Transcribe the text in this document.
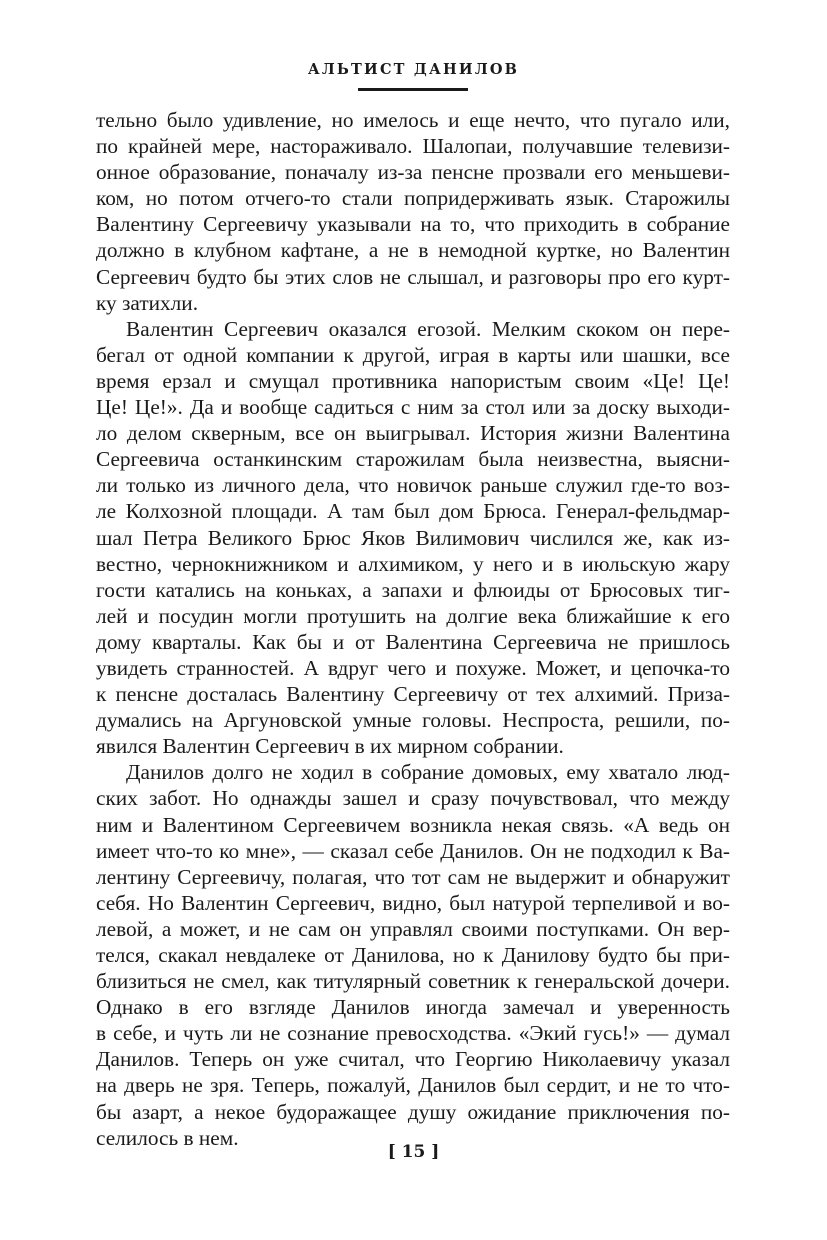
АЛЬТИСТ ДАНИЛОВ
тельно было удивление, но имелось и еще нечто, что пугало или,
по крайней мере, настораживало. Шалопаи, получавшие телевизи-
онное образование, поначалу из-за пенсне прозвали его меньшеви-
ком, но потом отчего-то стали попридерживать язык. Старожилы
Валентину Сергеевичу указывали на то, что приходить в собрание
должно в клубном кафтане, а не в немодной куртке, но Валентин
Сергеевич будто бы этих слов не слышал, и разговоры про его курт-
ку затихли.
Валентин Сергеевич оказался егозой. Мелким скоком он пере-
бегал от одной компании к другой, играя в карты или шашки, все
время ерзал и смущал противника напористым своим «Це! Це!
Це! Це!». Да и вообще садиться с ним за стол или за доску выходи-
ло делом скверным, все он выигрывал. История жизни Валентина
Сергеевича останкинским старожилам была неизвестна, выясни-
ли только из личного дела, что новичок раньше служил где-то воз-
ле Колхозной площади. А там был дом Брюса. Генерал-фельдмар-
шал Петра Великого Брюс Яков Вилимович числился же, как из-
вестно, чернокнижником и алхимиком, у него и в июльскую жару
гости катались на коньках, а запахи и флюиды от Брюсовых тиг-
лей и посудин могли протушить на долгие века ближайшие к его
дому кварталы. Как бы и от Валентина Сергеевича не пришлось
увидеть странностей. А вдруг чего и похуже. Может, и цепочка-то
к пенсне досталась Валентину Сергеевичу от тех алхимий. Приза-
думались на Аргуновской умные головы. Неспроста, решили, по-
явился Валентин Сергеевич в их мирном собрании.
Данилов долго не ходил в собрание домовых, ему хватало люд-
ских забот. Но однажды зашел и сразу почувствовал, что между
ним и Валентином Сергеевичем возникла некая связь. «А ведь он
имеет что-то ко мне», — сказал себе Данилов. Он не подходил к Ва-
лентину Сергеевичу, полагая, что тот сам не выдержит и обнаружит
себя. Но Валентин Сергеевич, видно, был натурой терпеливой и во-
левой, а может, и не сам он управлял своими поступками. Он вер-
телся, скакал невдалеке от Данилова, но к Данилову будто бы при-
близиться не смел, как титулярный советник к генеральской дочери.
Однако в его взгляде Данилов иногда замечал и уверенность
в себе, и чуть ли не сознание превосходства. «Экий гусь!» — думал
Данилов. Теперь он уже считал, что Георгию Николаевичу указал
на дверь не зря. Теперь, пожалуй, Данилов был сердит, и не то что-
бы азарт, а некое будоражащее душу ожидание приключения по-
селилось в нем.
[ 15 ]
